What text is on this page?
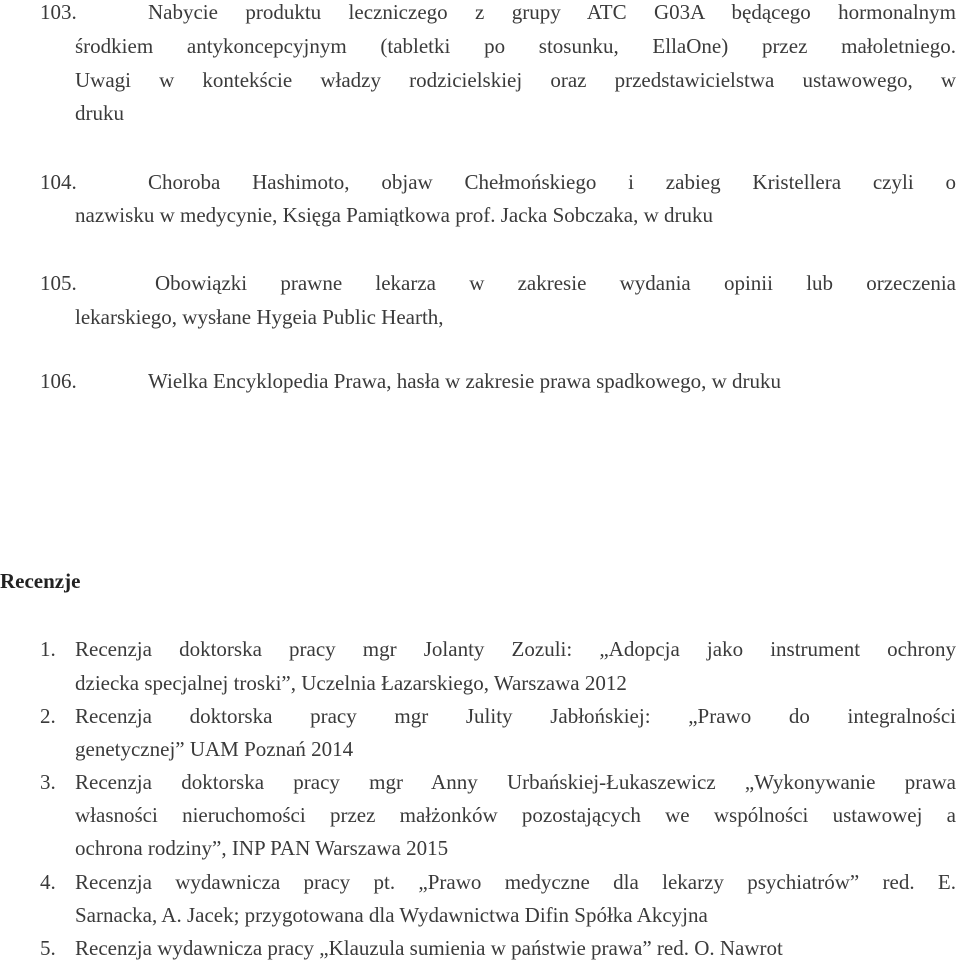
103.	Nabycie produktu leczniczego z grupy ATC G03A będącego hormonalnym
środkiem antykoncepcyjnym (tabletki po stosunku, EllaOne) przez małoletniego.
Uwagi w kontekście władzy rodzicielskiej oraz przedstawicielstwa ustawowego, w
druku
104.	Choroba Hashimoto, objaw Chełmońskiego i zabieg Kristellera czyli o
nazwisku w medycynie, Księga Pamiątkowa prof. Jacka Sobczaka, w druku
105.	Obowiązki prawne lekarza w zakresie wydania opinii lub orzeczenia
lekarskiego, wysłane Hygeia Public Hearth,
106.	Wielka Encyklopedia Prawa, hasła w zakresie prawa spadkowego, w druku
Recenzje
1. Recenzja doktorska pracy mgr Jolanty Zozuli: „Adopcja jako instrument ochrony
dziecka specjalnej troski”, Uczelnia Łazarskiego, Warszawa 2012
2. Recenzja doktorska pracy mgr Julity Jabłońskiej: „Prawo do integralności
genetycznej” UAM Poznań 2014
3. Recenzja doktorska pracy mgr Anny Urbańskiej-Łukaszewicz „Wykonywanie prawa
własności nieruchomości przez małżonków pozostających we wspólności ustawowej a
ochrona rodziny”, INP PAN Warszawa 2015
4. Recenzja wydawnicza pracy pt. „Prawo medyczne dla lekarzy psychiatrów” red. E.
Sarnacka, A. Jacek; przygotowana dla Wydawnictwa Difin Spółka Akcyjna
5. Recenzja wydawnicza pracy „Klauzula sumienia w państwie prawa” red. O. Nawrot
